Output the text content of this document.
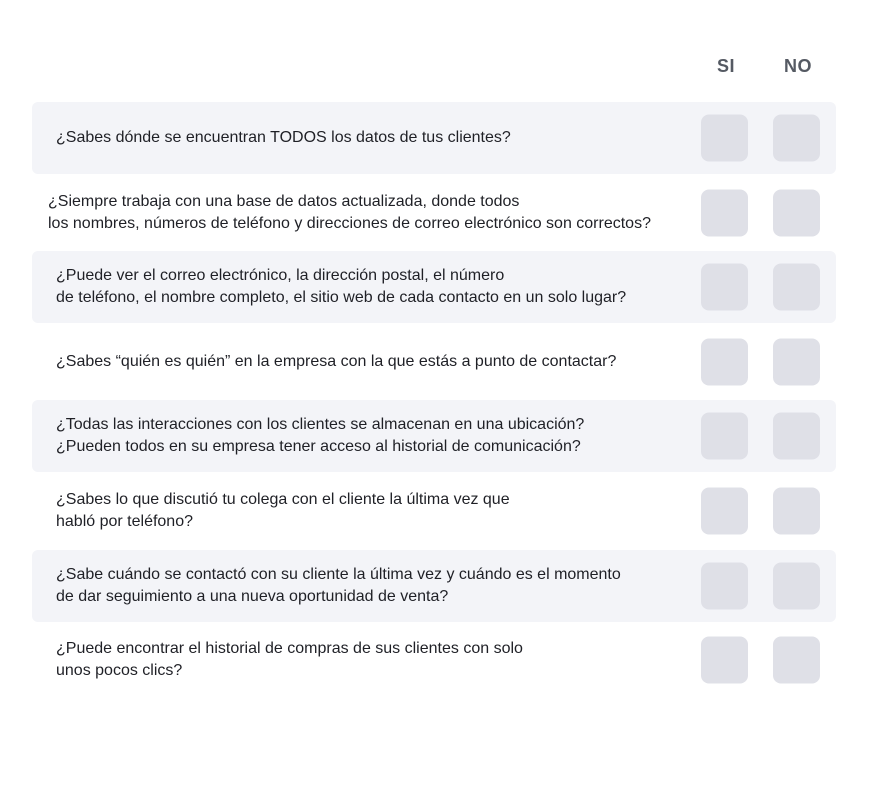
SI	NO
¿Sabes dónde se encuentran TODOS los datos de tus clientes?
¿Siempre trabaja con una base de datos actualizada, donde todos
los nombres, números de teléfono y direcciones de correo electrónico son correctos?
¿Puede ver el correo electrónico, la dirección postal, el número
de teléfono, el nombre completo, el sitio web de cada contacto en un solo lugar?
¿Sabes “quién es quién” en la empresa con la que estás a punto de contactar?
¿Todas las interacciones con los clientes se almacenan en una ubicación?
¿Pueden todos en su empresa tener acceso al historial de comunicación?
¿Sabes lo que discutió tu colega con el cliente la última vez que
habló por teléfono?
¿Sabe cuándo se contactó con su cliente la última vez y cuándo es el momento
de dar seguimiento a una nueva oportunidad de venta?
¿Puede encontrar el historial de compras de sus clientes con solo
unos pocos clics?
